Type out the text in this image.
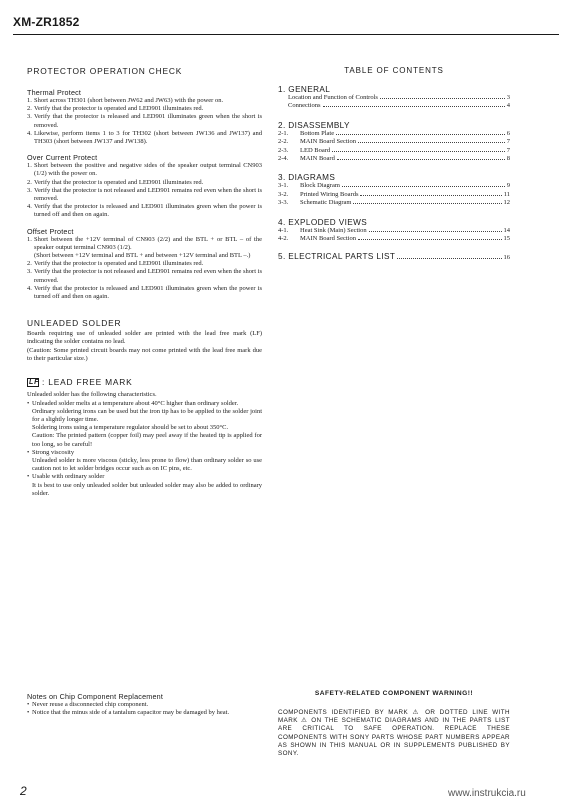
XM-ZR1852
PROTECTOR OPERATION CHECK
Thermal Protect
1. Short across TH301 (short between JW62 and JW63) with the power on.
2. Verify that the protector is operated and LED901 illuminates red.
3. Verify that the protector is released and LED901 illuminates green when the short is removed.
4. Likewise, perform items 1 to 3 for TH302 (short between JW136 and JW137) and TH303 (short between JW137 and JW138).
Over Current Protect
1. Short between the positive and negative sides of the speaker output terminal CN903 (1/2) with the power on.
2. Verify that the protector is operated and LED901 illuminates red.
3. Verify that the protector is not released and LED901 remains red even when the short is removed.
4. Verify that the protector is released and LED901 illuminates green when the power is turned off and then on again.
Offset Protect
1. Short between the +12V terminal of CN903 (2/2) and the BTL + or BTL – of the speaker output terminal CN903 (1/2).
(Short between +12V terminal and BTL + and between +12V terminal and BTL –.)
2. Verify that the protector is operated and LED901 illuminates red.
3. Verify that the protector is not released and LED901 remains red even when the short is removed.
4. Verify that the protector is released and LED901 illuminates green when the power is turned off and then on again.
UNLEADED SOLDER
Boards requiring use of unleaded solder are printed with the lead free mark (LF) indicating the solder contains no lead.
(Caution: Some printed circuit boards may not come printed with the lead free mark due to their particular size.)
LF : LEAD FREE MARK
Unleaded solder has the following characteristics.
• Unleaded solder melts at a temperature about 40°C higher than ordinary solder.
Ordinary soldering irons can be used but the iron tip has to be applied to the solder joint for a slightly longer time.
Soldering irons using a temperature regulator should be set to about 350°C.
Caution: The printed pattern (copper foil) may peel away if the heated tip is applied for too long, so be careful!
• Strong viscosity
Unleaded solder is more viscous (sticky, less prone to flow) than ordinary solder so use caution not to let solder bridges occur such as on IC pins, etc.
• Usable with ordinary solder
It is best to use only unleaded solder but unleaded solder may also be added to ordinary solder.
Notes on Chip Component Replacement
• Never reuse a disconnected chip component.
• Notice that the minus side of a tantalum capacitor may be damaged by heat.
TABLE OF CONTENTS
1. GENERAL
Location and Function of Controls	3
Connections	4
2. DISASSEMBLY
2-1.	Bottom Plate	6
2-2.	MAIN Board Section	7
2-3.	LED Board	7
2-4.	MAIN Board	8
3. DIAGRAMS
3-1.	Block Diagram	9
3-2.	Printed Wiring Boards	11
3-3.	Schematic Diagram	12
4. EXPLODED VIEWS
4-1.	Heat Sink (Main) Section	14
4-2.	MAIN Board Section	15
5. ELECTRICAL PARTS LIST	16
SAFETY-RELATED COMPONENT WARNING!!
COMPONENTS IDENTIFIED BY MARK ⚠ OR DOTTED LINE WITH MARK ⚠ ON THE SCHEMATIC DIAGRAMS AND IN THE PARTS LIST ARE CRITICAL TO SAFE OPERATION. REPLACE THESE COMPONENTS WITH SONY PARTS WHOSE PART NUMBERS APPEAR AS SHOWN IN THIS MANUAL OR IN SUPPLEMENTS PUBLISHED BY SONY.
2	www.instrukcia.ru
